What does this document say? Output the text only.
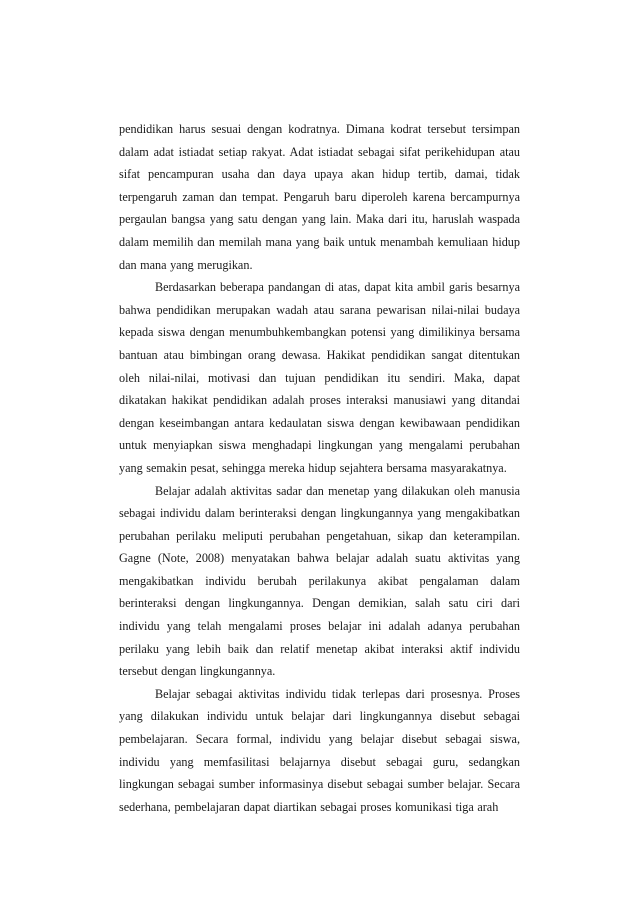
pendidikan harus sesuai dengan kodratnya. Dimana kodrat tersebut tersimpan dalam adat istiadat setiap rakyat. Adat istiadat sebagai sifat perikehidupan atau sifat pencampuran usaha dan daya upaya akan hidup tertib, damai, tidak terpengaruh zaman dan tempat. Pengaruh baru diperoleh karena bercampurnya pergaulan bangsa yang satu dengan yang lain. Maka dari itu, haruslah waspada dalam memilih dan memilah mana yang baik untuk menambah kemuliaan hidup dan mana yang merugikan.

Berdasarkan beberapa pandangan di atas, dapat kita ambil garis besarnya bahwa pendidikan merupakan wadah atau sarana pewarisan nilai-nilai budaya kepada siswa dengan menumbuhkembangkan potensi yang dimilikinya bersama bantuan atau bimbingan orang dewasa. Hakikat pendidikan sangat ditentukan oleh nilai-nilai, motivasi dan tujuan pendidikan itu sendiri. Maka, dapat dikatakan hakikat pendidikan adalah proses interaksi manusiawi yang ditandai dengan keseimbangan antara kedaulatan siswa dengan kewibawaan pendidikan untuk menyiapkan siswa menghadapi lingkungan yang mengalami perubahan yang semakin pesat, sehingga mereka hidup sejahtera bersama masyarakatnya.

Belajar adalah aktivitas sadar dan menetap yang dilakukan oleh manusia sebagai individu dalam berinteraksi dengan lingkungannya yang mengakibatkan perubahan perilaku meliputi perubahan pengetahuan, sikap dan keterampilan. Gagne (Note, 2008) menyatakan bahwa belajar adalah suatu aktivitas yang mengakibatkan individu berubah perilakunya akibat pengalaman dalam berinteraksi dengan lingkungannya. Dengan demikian, salah satu ciri dari individu yang telah mengalami proses belajar ini adalah adanya perubahan perilaku yang lebih baik dan relatif menetap akibat interaksi aktif individu tersebut dengan lingkungannya.

Belajar sebagai aktivitas individu tidak terlepas dari prosesnya. Proses yang dilakukan individu untuk belajar dari lingkungannya disebut sebagai pembelajaran. Secara formal, individu yang belajar disebut sebagai siswa, individu yang memfasilitasi belajarnya disebut sebagai guru, sedangkan lingkungan sebagai sumber informasinya disebut sebagai sumber belajar. Secara sederhana, pembelajaran dapat diartikan sebagai proses komunikasi tiga arah
